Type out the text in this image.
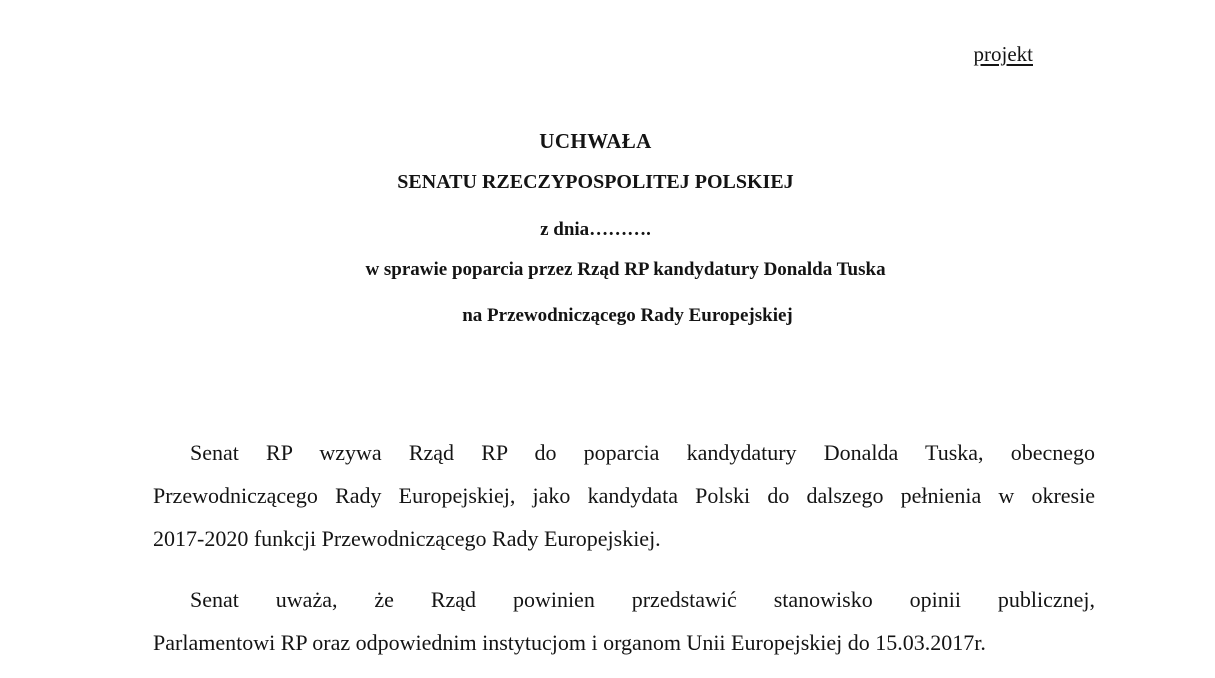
projekt
UCHWAŁA
SENATU RZECZYPOSPOLITEJ POLSKIEJ
z dnia……….
w sprawie poparcia przez Rząd RP kandydatury Donalda Tuska
na Przewodniczącego Rady Europejskiej

Senat RP wzywa Rząd RP do poparcia kandydatury Donalda Tuska, obecnego
Przewodniczącego Rady Europejskiej, jako kandydata Polski do dalszego pełnienia w okresie
2017-2020 funkcji Przewodniczącego Rady Europejskiej.

Senat uważa, że Rząd powinien przedstawić stanowisko opinii publicznej,
Parlamentowi RP oraz odpowiednim instytucjom i organom Unii Europejskiej do 15.03.2017r.
